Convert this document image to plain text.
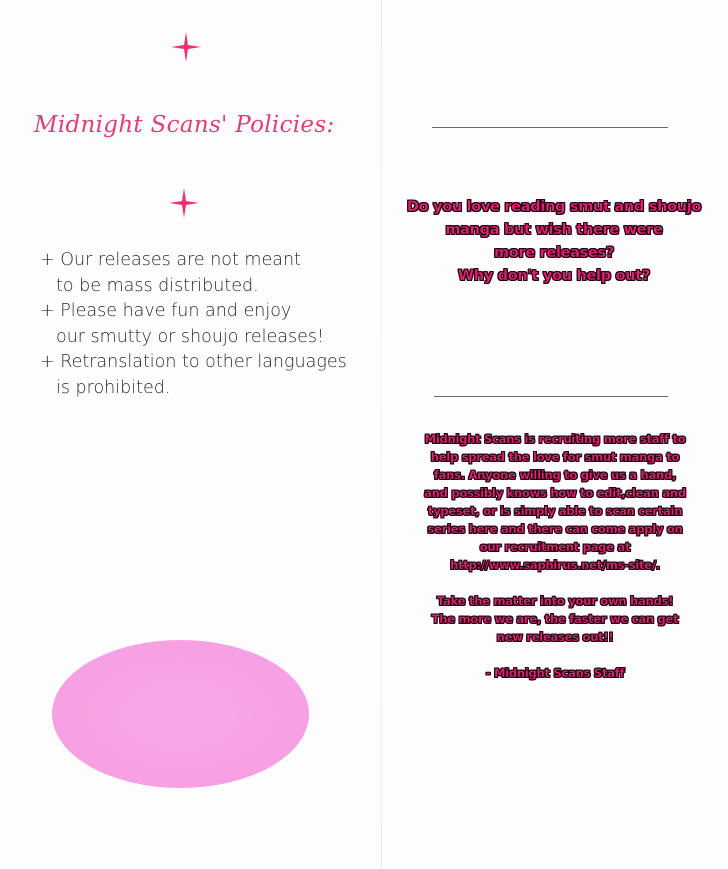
Midnight Scans' Policies:
+ Our releases are not meant
to be mass distributed.
+ Please have fun and enjoy
our smutty or shoujo releases!
+ Retranslation to other languages
is prohibited.
Do you love reading smut and shoujo
manga but wish there were
more releases?
Why don't you help out?
Midnight Scans is recruiting more staff to
help spread the love for smut manga to
fans. Anyone willing to give us a hand,
and possibly knows how to edit,clean and
typeset, or is simply able to scan certain
series here and there can come apply on
our recruitment page at
http://www.saphirus.net/ms-site/.
Take the matter into your own hands!
The more we are, the faster we can get
new releases out!!
- Midnight Scans Staff
